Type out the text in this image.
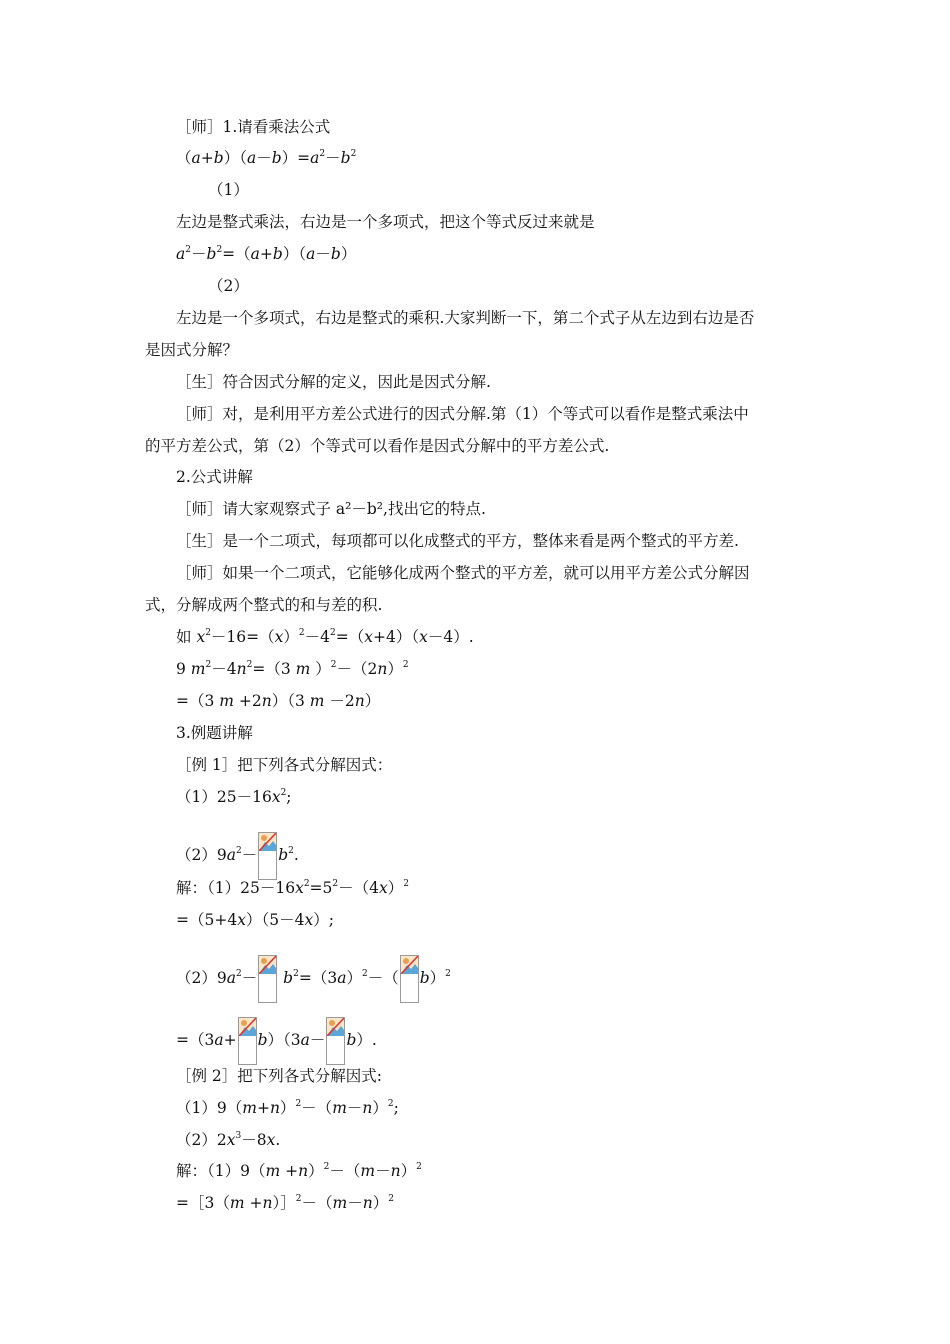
［师］1.请看乘法公式
$(a+b)(a-b)=a^2-b^2$
（1）
左边是整式乘法，右边是一个多项式，把这个等式反过来就是
$a^2-b^2=(a+b)(a-b)$
（2）
左边是一个多项式，右边是整式的乘积.大家判断一下，第二个式子从左边到右边是否
是因式分解？
［生］符合因式分解的定义，因此是因式分解.
［师］对，是利用平方差公式进行的因式分解.第（1）个等式可以看作是整式乘法中
的平方差公式，第（2）个等式可以看作是因式分解中的平方差公式.
2.公式讲解
［师］请大家观察式子 a²－b²,找出它的特点.
［生］是一个二项式，每项都可以化成整式的平方，整体来看是两个整式的平方差.
［师］如果一个二项式，它能够化成两个整式的平方差，就可以用平方差公式分解因
式，分解成两个整式的和与差的积.
如 $x^2-16=(x)^2-4^2=(x+4)(x-4)$.
9 $m^2-4n^2=(3$ m ）$^2-(2n)^2$
=（3 m +2n）（3 m －2n）
3.例题讲解
［例 1］把下列各式分解因式：
$(1)25-16x^2$;
$(2)9a^2- b^2$.
解：$(1)25-16x^2=5^2-(4x)^2$
=（5+4x）（5－4x）;
$(2)9a^2- b^2=(3a)^2-$（ b）$^2$
=（3a+ b）（3a－ b）.
［例 2］把下列各式分解因式:
$(1)9(m+n)^2-(m-n)^2$;
$(2)2x^3-8x$.
解：$(1)9(m +n)^2-(m-n)^2$
=［3（m $+n)]^2-(m-n)^2$
